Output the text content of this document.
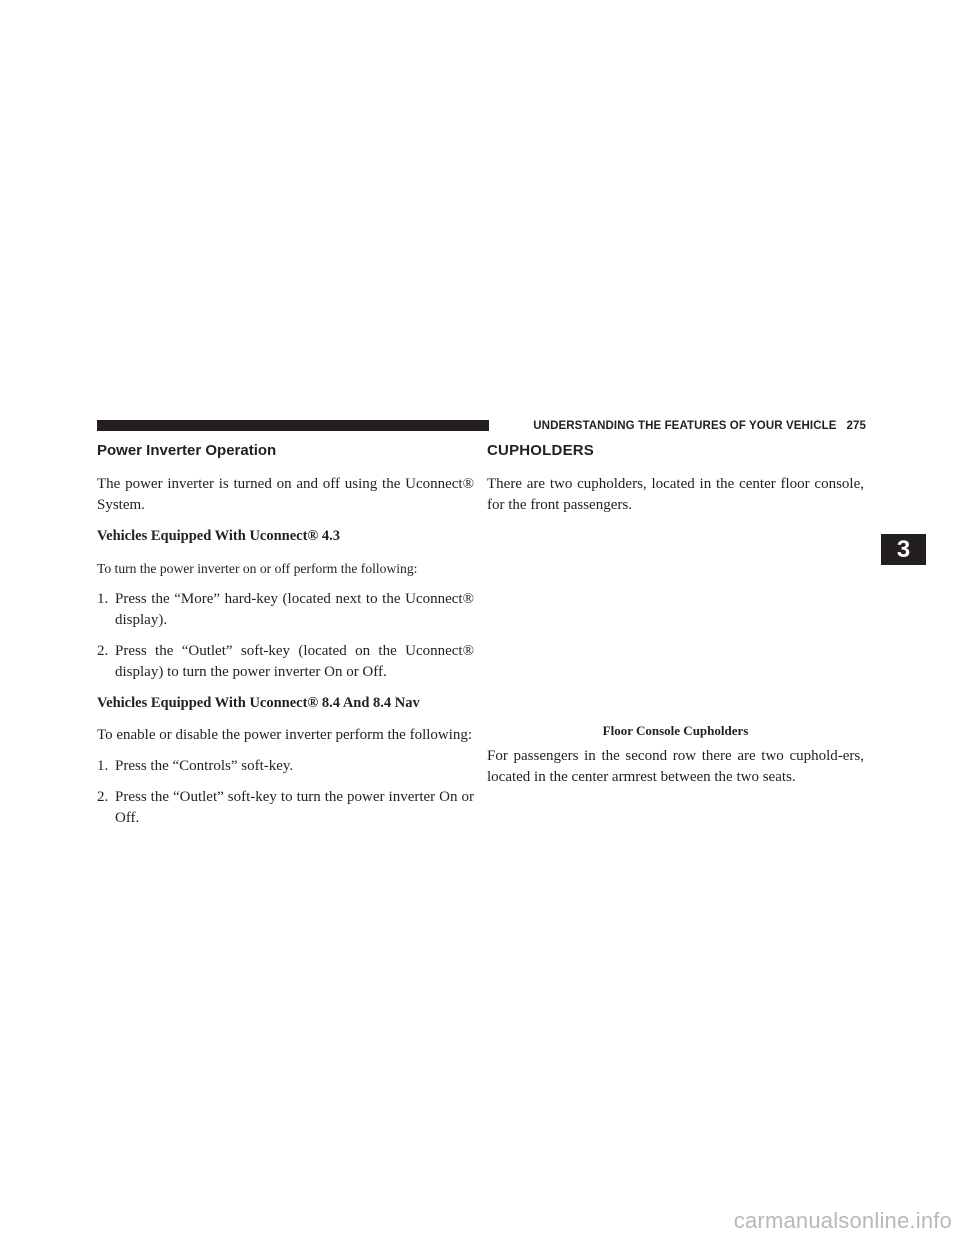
UNDERSTANDING THE FEATURES OF YOUR VEHICLE 275
Power Inverter Operation

The power inverter is turned on and off using the Uconnect® System.

Vehicles Equipped With Uconnect® 4.3

To turn the power inverter on or off perform the following:

1. Press the “More” hard-key (located next to the Uconnect® display).
2. Press the “Outlet” soft-key (located on the Uconnect® display) to turn the power inverter On or Off.
Vehicles Equipped With Uconnect® 8.4 And 8.4 Nav

To enable or disable the power inverter perform the following:

1. Press the “Controls” soft-key.
2. Press the “Outlet” soft-key to turn the power inverter On or Off.
CUPHOLDERS

There are two cupholders, located in the center floor console, for the front passengers.

Floor Console Cupholders

For passengers in the second row there are two cuphold-ers, located in the center armrest between the two seats.

3
carmanualsonline.info
